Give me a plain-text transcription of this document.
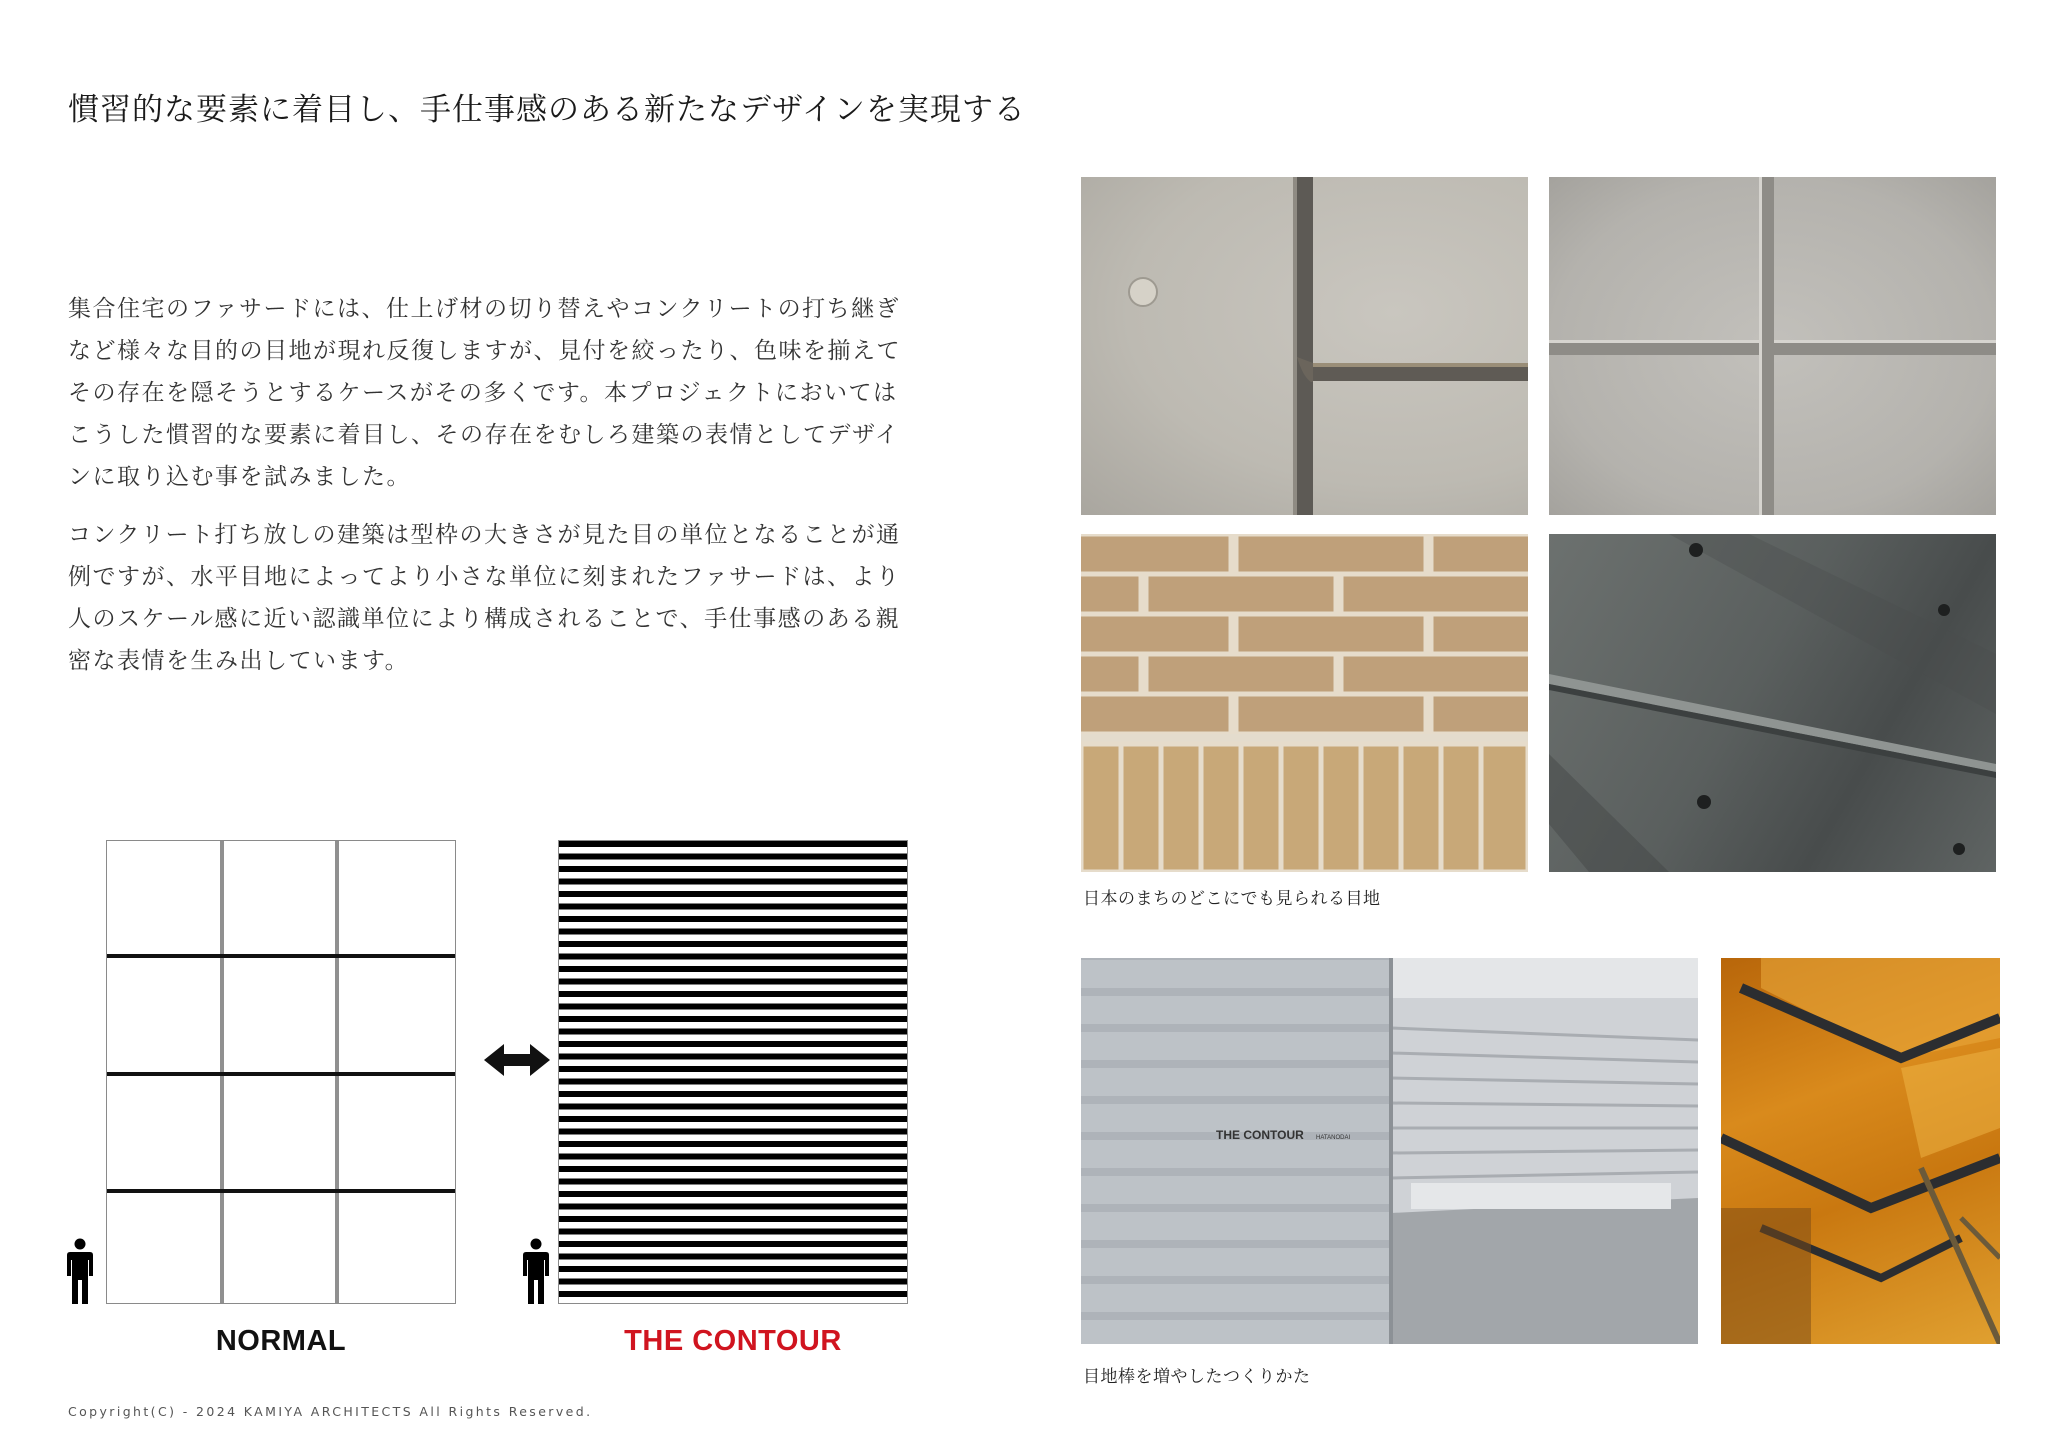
慣習的な要素に着目し、手仕事感のある新たなデザインを実現する

集合住宅のファサードには、仕上げ材の切り替えやコンクリートの打ち継ぎ
など様々な目的の目地が現れ反復しますが、見付を絞ったり、色味を揃えて
その存在を隠そうとするケースがその多くです。本プロジェクトにおいては
こうした慣習的な要素に着目し、その存在をむしろ建築の表情としてデザイ
ンに取り込む事を試みました。

コンクリート打ち放しの建築は型枠の大きさが見た目の単位となることが通
例ですが、水平目地によってより小さな単位に刻まれたファサードは、より
人のスケール感に近い認識単位により構成されることで、手仕事感のある親
密な表情を生み出しています。

NORMAL	THE CONTOUR
Copyright(C) - 2024 KAMIYA ARCHITECTS All Rights Reserved.
日本のまちのどこにでも見られる目地
THE CONTOUR HATANODAI
目地棒を増やしたつくりかた
